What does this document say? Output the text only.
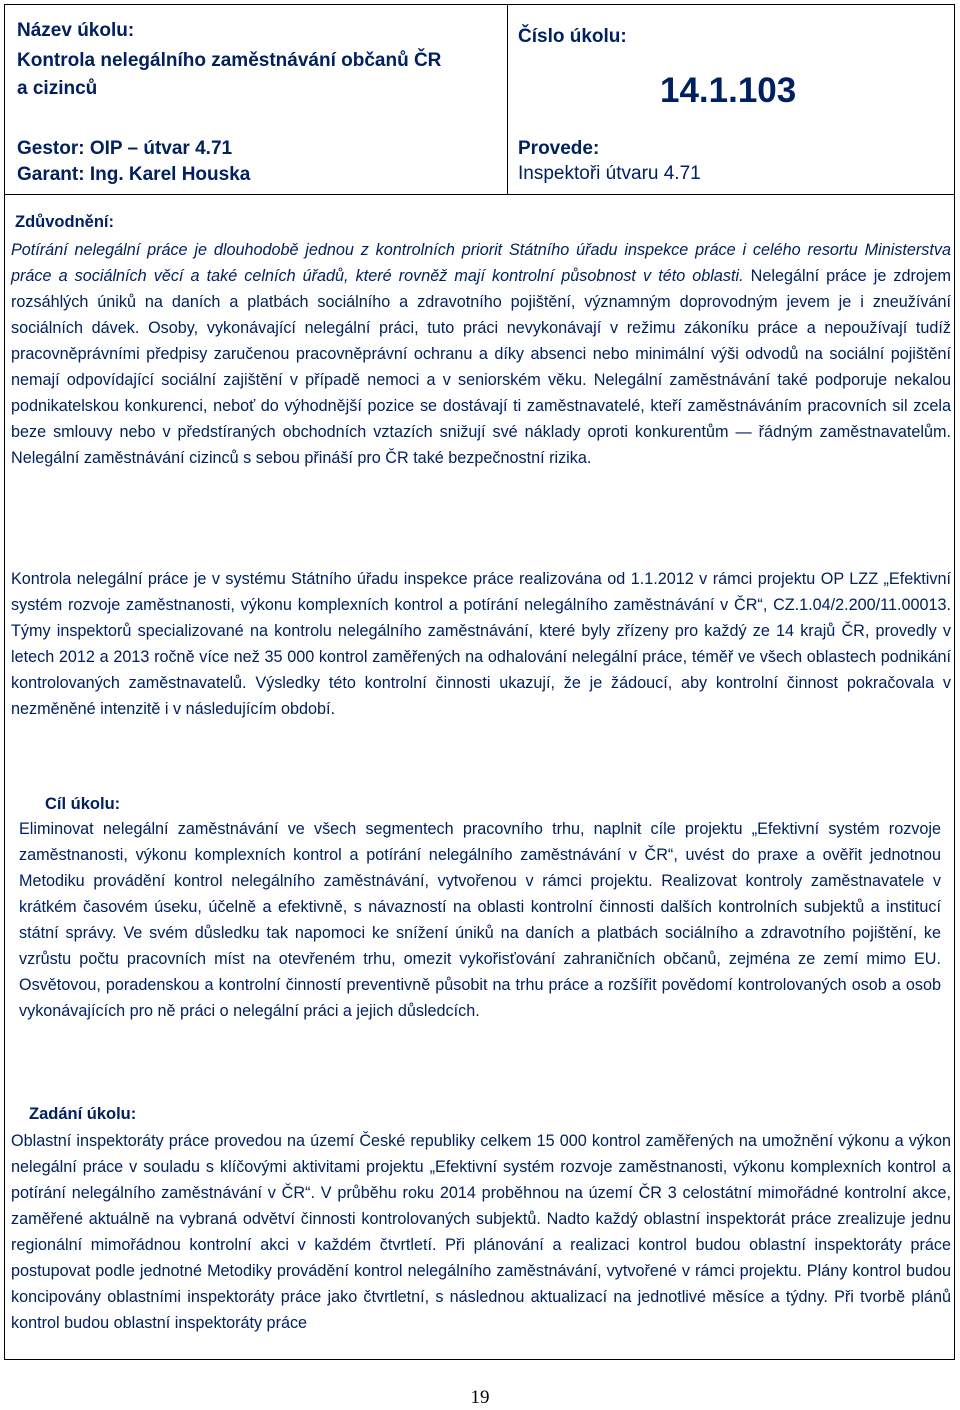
Název úkolu:
Kontrola nelegálního zaměstnávání občanů ČR
a cizinců
Gestor: OIP – útvar 4.71
Garant: Ing. Karel Houska
Číslo úkolu:
14.1.103
Provede:
Inspektoři útvaru 4.71
Zdůvodnění:

Potírání nelegální práce je dlouhodobě jednou z kontrolních priorit Státního úřadu inspekce práce i celého resortu Ministerstva práce a sociálních věcí a také celních úřadů, které rovněž mají kontrolní působnost v této oblasti. Nelegální práce je zdrojem rozsáhlých úniků na daních a platbách sociálního a zdravotního pojištění, významným doprovodným jevem je i zneužívání sociálních dávek. Osoby, vykonávající nelegální práci, tuto práci nevykonávají v režimu zákoníku práce a nepoužívají tudíž pracovněprávními předpisy zaručenou pracovněprávní ochranu a díky absenci nebo minimální výši odvodů na sociální pojištění nemají odpovídající sociální zajištění v případě nemoci a v seniorském věku. Nelegální zaměstnávání také podporuje nekalou podnikatelskou konkurenci, neboť do výhodnější pozice se dostávají ti zaměstnavatelé, kteří zaměstnáváním pracovních sil zcela beze smlouvy nebo v předstíraných obchodních vztazích snižují své náklady oproti konkurentům — řádným zaměstnavatelům. Nelegální zaměstnávání cizinců s sebou přináší pro ČR také bezpečnostní rizika.

Kontrola nelegální práce je v systému Státního úřadu inspekce práce realizována od 1.1.2012 v rámci projektu OP LZZ „Efektivní systém rozvoje zaměstnanosti, výkonu komplexních kontrol a potírání nelegálního zaměstnávání v ČR“, CZ.1.04/2.200/11.00013. Týmy inspektorů specializované na kontrolu nelegálního zaměstnávání, které byly zřízeny pro každý ze 14 krajů ČR, provedly v letech 2012 a 2013 ročně více než 35 000 kontrol zaměřených na odhalování nelegální práce, téměř ve všech oblastech podnikání kontrolovaných zaměstnavatelů. Výsledky této kontrolní činnosti ukazují, že je žádoucí, aby kontrolní činnost pokračovala v nezměněné intenzitě i v následujícím období.

Cíl úkolu:

Eliminovat nelegální zaměstnávání ve všech segmentech pracovního trhu, naplnit cíle projektu „Efektivní systém rozvoje zaměstnanosti, výkonu komplexních kontrol a potírání nelegálního zaměstnávání v ČR“, uvést do praxe a ověřit jednotnou Metodiku provádění kontrol nelegálního zaměstnávání, vytvořenou v rámci projektu. Realizovat kontroly zaměstnavatele v krátkém časovém úseku, účelně a efektivně, s návazností na oblasti kontrolní činnosti dalších kontrolních subjektů a institucí státní správy. Ve svém důsledku tak napomoci ke snížení úniků na daních a platbách sociálního a zdravotního pojištění, ke vzrůstu počtu pracovních míst na otevřeném trhu, omezit vykořisťování zahraničních občanů, zejména ze zemí mimo EU. Osvětovou, poradenskou a kontrolní činností preventivně působit na trhu práce a rozšířit povědomí kontrolovaných osob a osob vykonávajících pro ně práci o nelegální práci a jejich důsledcích.

Zadání úkolu:

Oblastní inspektoráty práce provedou na území České republiky celkem 15 000 kontrol zaměřených na umožnění výkonu a výkon nelegální práce v souladu s klíčovými aktivitami projektu „Efektivní systém rozvoje zaměstnanosti, výkonu komplexních kontrol a potírání nelegálního zaměstnávání v ČR“. V průběhu roku 2014 proběhnou na území ČR 3 celostátní mimořádné kontrolní akce, zaměřené aktuálně na vybraná odvětví činnosti kontrolovaných subjektů. Nadto každý oblastní inspektorát práce zrealizuje jednu regionální mimořádnou kontrolní akci v každém čtvrtletí. Při plánování a realizaci kontrol budou oblastní inspektoráty práce postupovat podle jednotné Metodiky provádění kontrol nelegálního zaměstnávání, vytvořené v rámci projektu. Plány kontrol budou koncipovány oblastními inspektoráty práce jako čtvrtletní, s následnou aktualizací na jednotlivé měsíce a týdny. Při tvorbě plánů kontrol budou oblastní inspektoráty práce

19
